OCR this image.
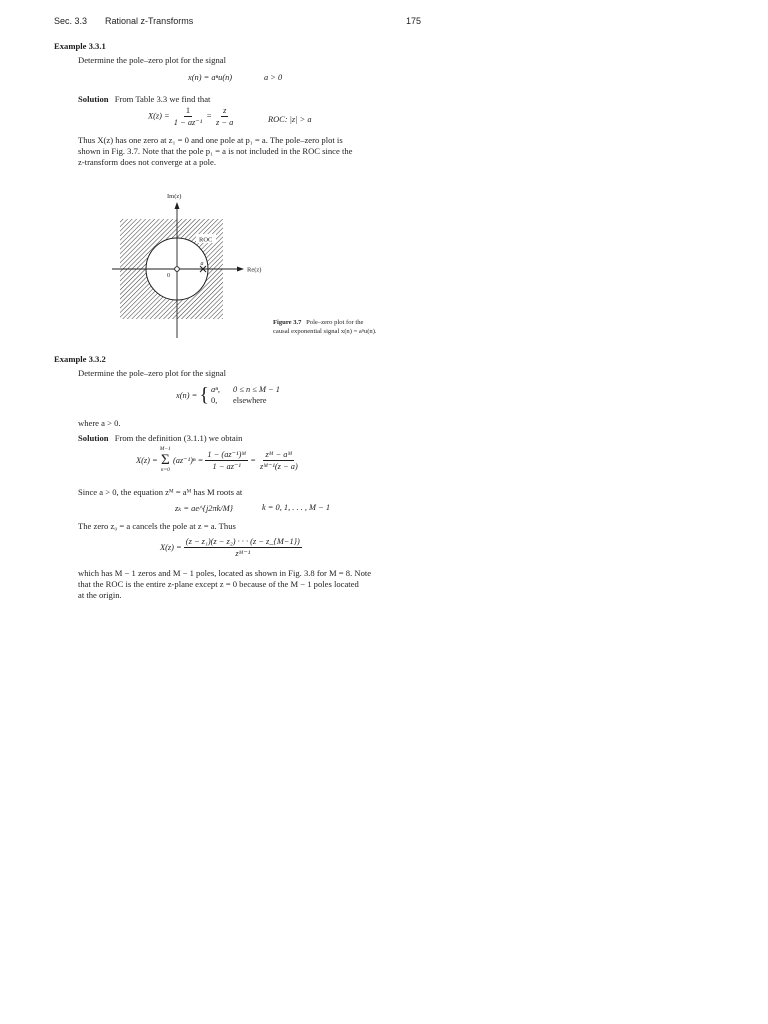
Sec. 3.3 Rational z-Transforms	175
Example 3.3.1
Determine the pole–zero plot for the signal
x(n) = aⁿu(n)	a > 0
Solution From Table 3.3 we find that
$X(z) = \frac{1}{\text{1 − az⁻¹}} = \frac{z}{z - a}$	ROC: |z| > a
Thus X(z) has one zero at z₁ = 0 and one pole at p₁ = a. The pole–zero plot is
shown in Fig. 3.7. Note that the pole p₁ = a is not included in the ROC since the
z-transform does not converge at a pole.
ROC
Im(z)
Re(z)
0
a
Figure 3.7 Pole–zero plot for the
causal exponential signal x(n) = aⁿu(n).
Example 3.3.2
Determine the pole–zero plot for the signal
x(n) = { aⁿ, 0 ≤ n ≤ M − 1
0, elsewhere
where a > 0.
Solution From the definition (3.1.1) we obtain
X(z) =
M−1
Σ
n=0
$(az^{-1})^n = \frac{\text{1 − (az⁻¹)ᴹ}}{\text{1 − az⁻¹}} = \frac{\text{zᴹ − aᴹ}}{\text{zᴹ⁻¹(z − a)}}$
Since a > 0, the equation zᴹ = aᴹ has M roots at
zₖ = ae^{j2πk/M}	k = 0, 1, . . . , M − 1
The zero z₀ = a cancels the pole at z = a. Thus
$X(z) = \frac{\text{(z − z₁)(z − z₂) · · · (z − z\_\{M−1\})}}{\text{zᴹ⁻¹}}$
which has M − 1 zeros and M − 1 poles, located as shown in Fig. 3.8 for M = 8. Note
that the ROC is the entire z-plane except z = 0 because of the M − 1 poles located
at the origin.
